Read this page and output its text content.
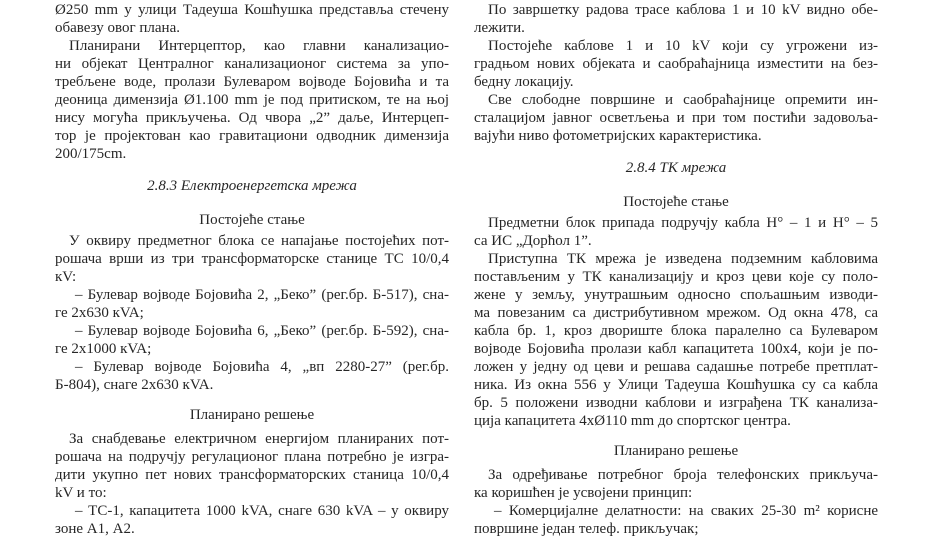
Ø250 mm у улици Тадеуша Кошћушка представља стечену
обавезу овог плана.
Планирани Интерцептор, као главни канализацио-
ни објекат Централног канализационог система за упо-
требљене воде, пролази Булеваром војводе Бојовића и та
деоница димензија Ø1.100 mm је под притиском, те на њој
нису могућа прикључења. Од чвора „2” даље, Интерцеп-
тор је пројектован као гравитациони одводник димензија
200/175cm.
2.8.3 Електроенергетска мрежа
Постојеће стање
У оквиру предметног блока се напајање постојећих пот-
рошача врши из три трансформаторске станице ТС 10/0,4
кV:
– Булевар војводе Бојовића 2, „Беко” (рег.бр. Б-517), сна-
ге 2х630 кVA;
– Булевар војводе Бојовића 6, „Беко” (рег.бр. Б-592), сна-
ге 2х1000 кVA;
– Булевар војводе Бојовића 4, „вп 2280-27” (рег.бр.
Б-804), снаге 2х630 кVA.
Планирано решење
За снабдевање електричном енергијом планираних пот-
рошача на подручју регулационог плана потребно је изгра-
дити укупно пет нових трансформаторских станица 10/0,4
kV и то:
– ТС-1, капацитета 1000 kVA, снаге 630 kVA – у оквиру
зоне А1, А2.
По завршетку радова трасе каблова 1 и 10 kV видно обе-
лежити.
Постојеће каблове 1 и 10 kV који су угрожени из-
градњом нових објеката и саобраћајница изместити на без-
бедну локацију.
Све слободне површине и саобраћајнице опремити ин-
сталацијом јавног осветљења и при том постићи задовоља-
вајући ниво фотометријских карактеристика.
2.8.4 ТК мрежа
Постојеће стање
Предметни блок припада подручју кабла Н° – 1 и Н° – 5
са ИС „Дорћол 1”.
Приступна ТК мрежа је изведена подземним кабловима
постављеним у ТК канализацију и кроз цеви које су поло-
жене у земљу, унутрашњим односно спољашњим изводи-
ма повезаним са дистрибутивном мрежом. Од окна 478, са
кабла бр. 1, кроз двориште блока паралелно са Булеваром
војводе Бојовића пролази кабл капацитета 100х4, који је по-
ложен у једну од цеви и решава садашње потребе претплат-
ника. Из окна 556 у Улици Тадеуша Кошћушка су са кабла
бр. 5 положени изводни каблови и изграђена ТК канализа-
ција капацитета 4хØ110 mm до спортског центра.
Планирано решење
За одређивање потребног броја телефонских прикључа-
ка коришћен је усвојени принцип:
– Комерцијалне делатности: на сваких 25-30 m² корисне
површине један телеф. прикључак;
